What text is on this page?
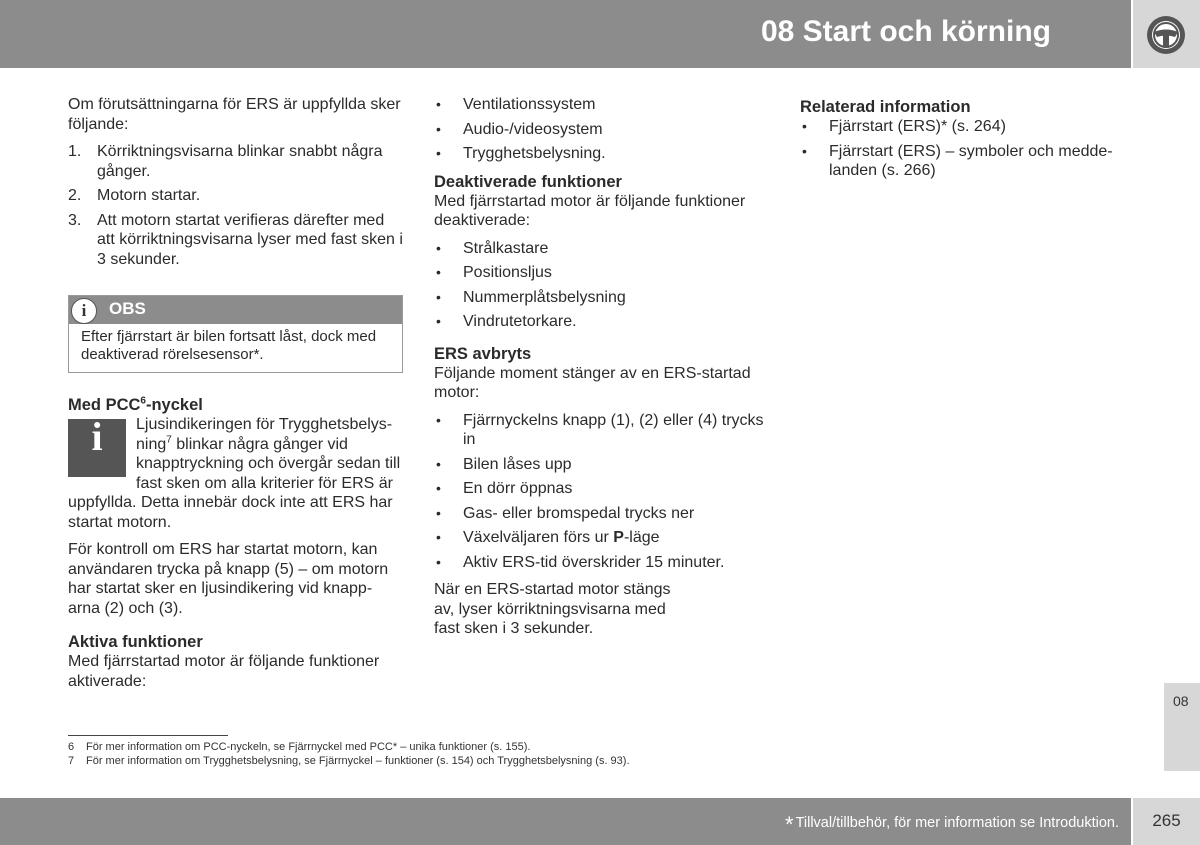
08 Start och körning

Om förutsättningarna för ERS är uppfyllda sker följande:

1. Körriktningsvisarna blinkar snabbt några gånger.
2. Motorn startar.
3. Att motorn startat verifieras därefter med att körriktningsvisarna lyser med fast sken i 3 sekunder.
i	OBS
Efter fjärrstart är bilen fortsatt låst, dock med deaktiverad rörelsesensor*.
Med PCC$^6$-nyckel
i	Ljusindikeringen för Trygghetsbelys-ning$^7$ blinkar några gånger vid knapptryckning och övergår sedan till fast sken om alla kriterier för ERS är uppfyllda. Detta innebär dock inte att ERS har startat motorn.

För kontroll om ERS har startat motorn, kan användaren trycka på knapp (5) – om motorn har startat sker en ljusindikering vid knapp-arna (2) och (3).

Aktiva funktioner

Med fjärrstartad motor är följande funktioner aktiverade:

• Ventilationssystem
• Audio-/videosystem
• Trygghetsbelysning.
Deaktiverade funktioner

Med fjärrstartad motor är följande funktioner deaktiverade:

• Strålkastare
• Positionsljus
• Nummerplåtsbelysning
• Vindrutetorkare.
ERS avbryts

Följande moment stänger av en ERS-startad motor:

• Fjärrnyckelns knapp (1), (2) eller (4) trycks in
• Bilen låses upp
• En dörr öppnas
• Gas- eller bromspedal trycks ner
• Växelväljaren förs ur P-läge
• Aktiv ERS-tid överskrider 15 minuter.

När en ERS-startad motor stängs av, lyser körriktningsvisarna med fast sken i 3 sekunder.

Relaterad information
• Fjärrstart (ERS)* (s. 264)
• Fjärrstart (ERS) – symboler och medde-landen (s. 266)
6 För mer information om PCC-nyckeln, se Fjärrnyckel med PCC* – unika funktioner (s. 155).
7 För mer information om Trygghetsbelysning, se Fjärrnyckel – funktioner (s. 154) och Trygghetsbelysning (s. 93).
08
* Tillval/tillbehör, för mer information se Introduktion.	265
